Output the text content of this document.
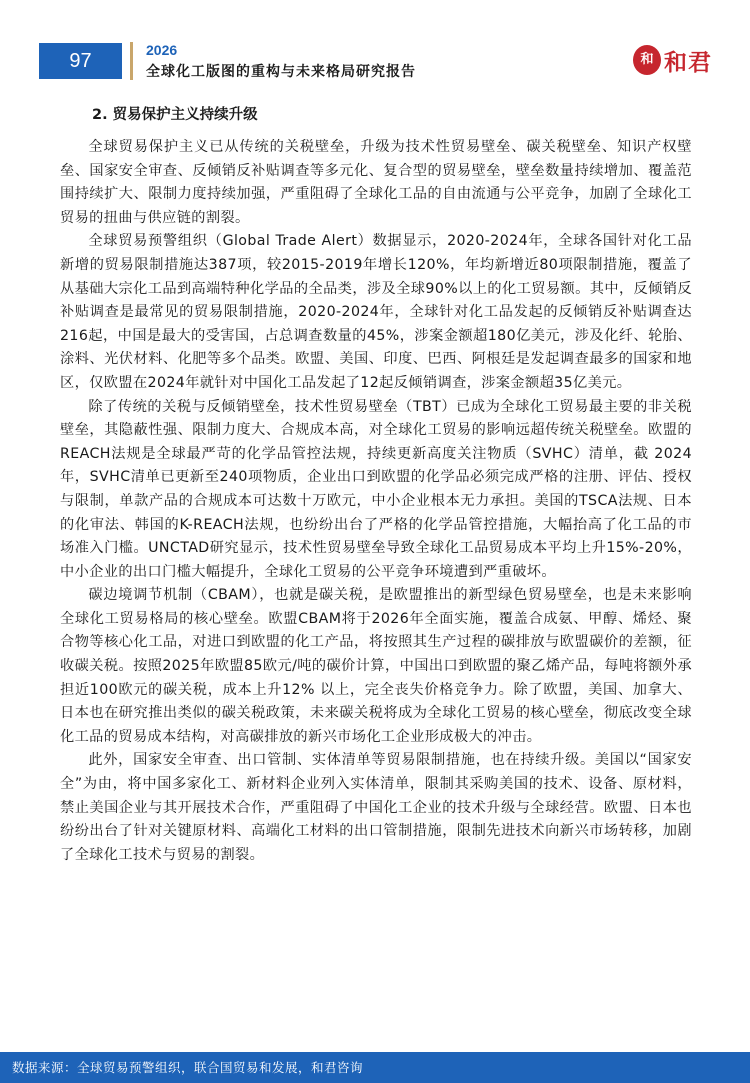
97	2026
全球化工版图的重构与未来格局研究报告
和 和君
2. 贸易保护主义持续升级

全球贸易保护主义已从传统的关税壁垒，升级为技术性贸易壁垒、碳关税壁垒、知识产权壁垒、国家安全审查、反倾销反补贴调查等多元化、复合型的贸易壁垒，壁垒数量持续增加、覆盖范围持续扩大、限制力度持续加强，严重阻碍了全球化工品的自由流通与公平竞争，加剧了全球化工贸易的扭曲与供应链的割裂。

全球贸易预警组织（Global Trade Alert）数据显示，2020-2024年，全球各国针对化工品新增的贸易限制措施达387项，较2015-2019年增长120%，年均新增近80项限制措施，覆盖了从基础大宗化工品到高端特种化学品的全品类，涉及全球90%以上的化工贸易额。其中，反倾销反补贴调查是最常见的贸易限制措施，2020-2024年，全球针对化工品发起的反倾销反补贴调查达216起，中国是最大的受害国，占总调查数量的45%，涉案金额超180亿美元，涉及化纤、轮胎、涂料、光伏材料、化肥等多个品类。欧盟、美国、印度、巴西、阿根廷是发起调查最多的国家和地区，仅欧盟在2024年就针对中国化工品发起了12起反倾销调查，涉案金额超35亿美元。

除了传统的关税与反倾销壁垒，技术性贸易壁垒（TBT）已成为全球化工贸易最主要的非关税壁垒，其隐蔽性强、限制力度大、合规成本高，对全球化工贸易的影响远超传统关税壁垒。欧盟的REACH法规是全球最严苛的化学品管控法规，持续更新高度关注物质（SVHC）清单，截 2024年，SVHC清单已更新至240项物质，企业出口到欧盟的化学品必须完成严格的注册、评估、授权与限制，单款产品的合规成本可达数十万欧元，中小企业根本无力承担。美国的TSCA法规、日本的化审法、韩国的K-REACH法规，也纷纷出台了严格的化学品管控措施，大幅抬高了化工品的市场准入门槛。UNCTAD研究显示，技术性贸易壁垒导致全球化工品贸易成本平均上升15%-20%，中小企业的出口门槛大幅提升，全球化工贸易的公平竞争环境遭到严重破坏。

碳边境调节机制（CBAM），也就是碳关税，是欧盟推出的新型绿色贸易壁垒，也是未来影响全球化工贸易格局的核心壁垒。欧盟CBAM将于2026年全面实施，覆盖合成氨、甲醇、烯烃、聚合物等核心化工品，对进口到欧盟的化工产品，将按照其生产过程的碳排放与欧盟碳价的差额，征收碳关税。按照2025年欧盟85欧元/吨的碳价计算，中国出口到欧盟的聚乙烯产品，每吨将额外承担近100欧元的碳关税，成本上升12% 以上，完全丧失价格竞争力。除了欧盟，美国、加拿大、日本也在研究推出类似的碳关税政策，未来碳关税将成为全球化工贸易的核心壁垒，彻底改变全球化工品的贸易成本结构，对高碳排放的新兴市场化工企业形成极大的冲击。

此外，国家安全审查、出口管制、实体清单等贸易限制措施，也在持续升级。美国以“国家安全”为由，将中国多家化工、新材料企业列入实体清单，限制其采购美国的技术、设备、原材料，禁止美国企业与其开展技术合作，严重阻碍了中国化工企业的技术升级与全球经营。欧盟、日本也纷纷出台了针对关键原材料、高端化工材料的出口管制措施，限制先进技术向新兴市场转移，加剧了全球化工技术与贸易的割裂。

数据来源：全球贸易预警组织，联合国贸易和发展，和君咨询
